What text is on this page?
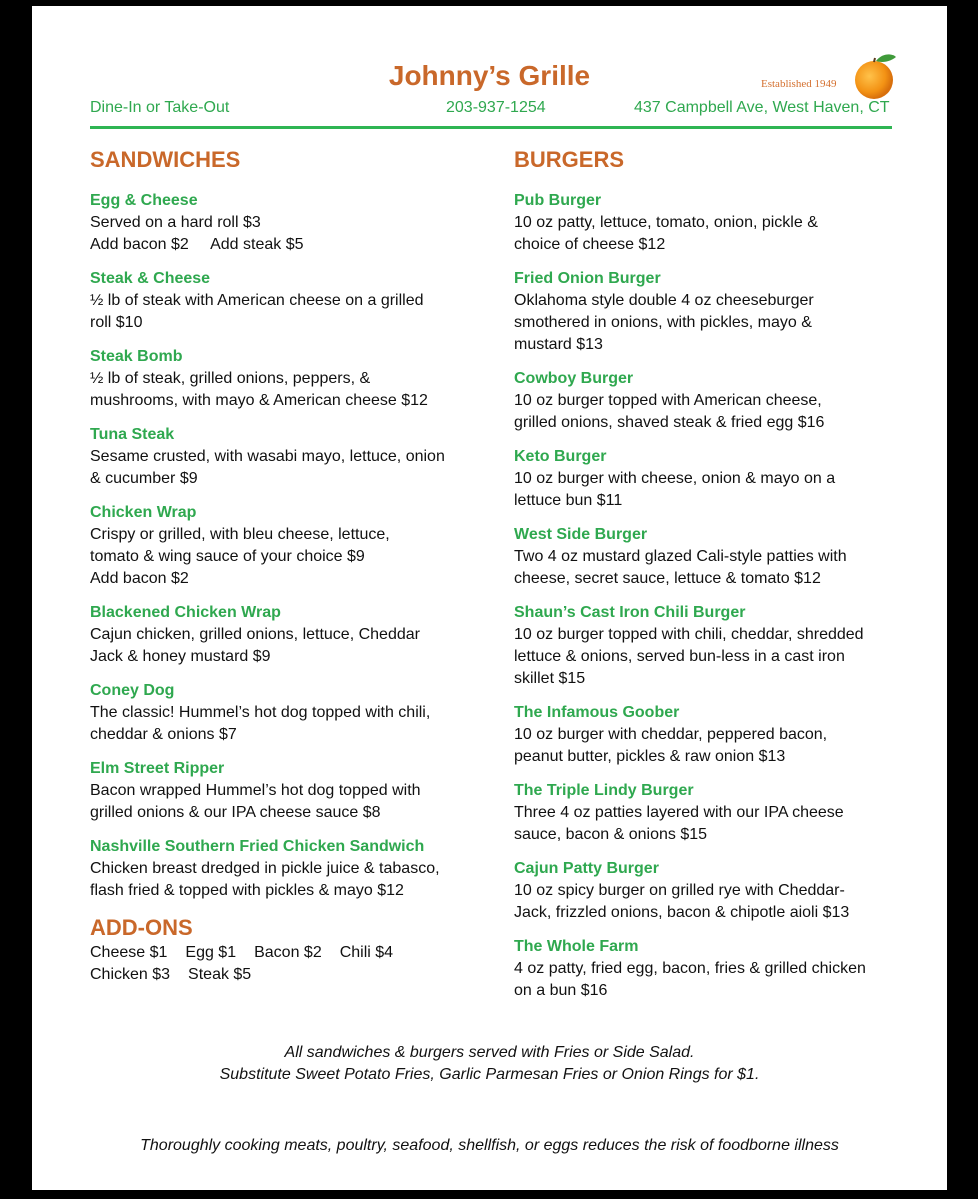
Johnny’s Grille	Established 1949
Dine-In or Take-Out	203-937-1254	437 Campbell Ave, West Haven, CT
SANDWICHES
Egg & Cheese
Served on a hard roll $3
Add bacon $2     Add steak $5
Steak & Cheese
½ lb of steak with American cheese on a grilled
roll $10
Steak Bomb
½ lb of steak, grilled onions, peppers, &
mushrooms, with mayo & American cheese $12
Tuna Steak
Sesame crusted, with wasabi mayo, lettuce, onion
& cucumber $9
Chicken Wrap
Crispy or grilled, with bleu cheese, lettuce,
tomato & wing sauce of your choice $9
Add bacon $2
Blackened Chicken Wrap
Cajun chicken, grilled onions, lettuce, Cheddar
Jack & honey mustard $9
Coney Dog
The classic! Hummel’s hot dog topped with chili,
cheddar & onions $7
Elm Street Ripper
Bacon wrapped Hummel’s hot dog topped with
grilled onions & our IPA cheese sauce $8
Nashville Southern Fried Chicken Sandwich
Chicken breast dredged in pickle juice & tabasco,
flash fried & topped with pickles & mayo $12
ADD-ONS
Cheese $1 Egg $1 Bacon $2 Chili $4
Chicken $3 Steak $5
BURGERS
Pub Burger
10 oz patty, lettuce, tomato, onion, pickle &
choice of cheese $12
Fried Onion Burger
Oklahoma style double 4 oz cheeseburger
smothered in onions, with pickles, mayo &
mustard $13
Cowboy Burger
10 oz burger topped with American cheese,
grilled onions, shaved steak & fried egg $16
Keto Burger
10 oz burger with cheese, onion & mayo on a
lettuce bun $11
West Side Burger
Two 4 oz mustard glazed Cali-style patties with
cheese, secret sauce, lettuce & tomato $12
Shaun’s Cast Iron Chili Burger
10 oz burger topped with chili, cheddar, shredded
lettuce & onions, served bun-less in a cast iron
skillet $15
The Infamous Goober
10 oz burger with cheddar, peppered bacon,
peanut butter, pickles & raw onion $13
The Triple Lindy Burger
Three 4 oz patties layered with our IPA cheese
sauce, bacon & onions $15
Cajun Patty Burger
10 oz spicy burger on grilled rye with Cheddar-
Jack, frizzled onions, bacon & chipotle aioli $13
The Whole Farm
4 oz patty, fried egg, bacon, fries & grilled chicken
on a bun $16
All sandwiches & burgers served with Fries or Side Salad.
Substitute Sweet Potato Fries, Garlic Parmesan Fries or Onion Rings for $1.
Thoroughly cooking meats, poultry, seafood, shellfish, or eggs reduces the risk of foodborne illness
